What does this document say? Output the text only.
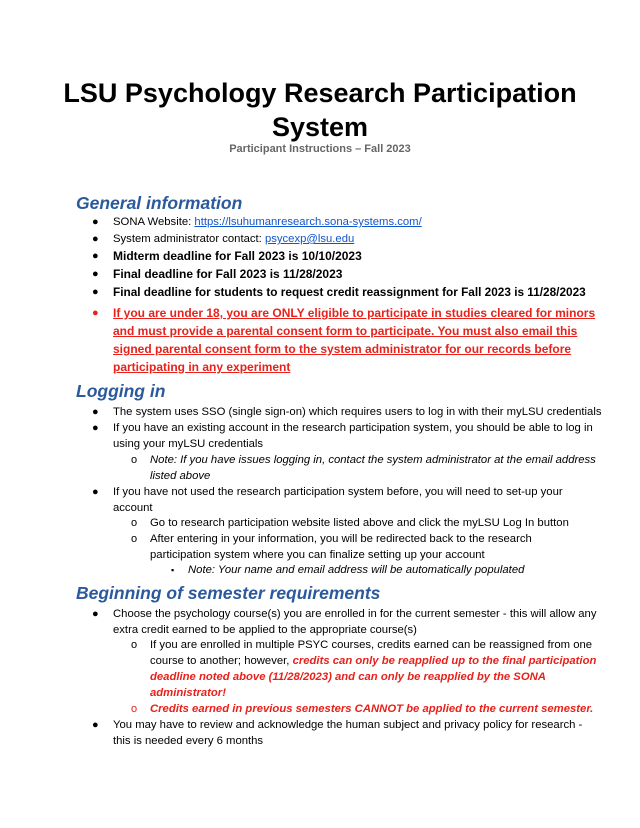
LSU Psychology Research Participation System
Participant Instructions – Fall 2023
General information
● SONA Website: https://lsuhumanresearch.sona-systems.com/
● System administrator contact: psycexp@lsu.edu
● Midterm deadline for Fall 2023 is 10/10/2023
● Final deadline for Fall 2023 is 11/28/2023
● Final deadline for students to request credit reassignment for Fall 2023 is 11/28/2023
● If you are under 18, you are ONLY eligible to participate in studies cleared for minors
and must provide a parental consent form to participate. You must also email this
signed parental consent form to the system administrator for our records before
participating in any experiment
Logging in
● The system uses SSO (single sign-on) which requires users to log in with their myLSU credentials
● If you have an existing account in the research participation system, you should be able to log in
using your myLSU credentials
o Note: If you have issues logging in, contact the system administrator at the email address
listed above
● If you have not used the research participation system before, you will need to set-up your
account
o Go to research participation website listed above and click the myLSU Log In button
o After entering in your information, you will be redirected back to the research
participation system where you can finalize setting up your account
▪ Note: Your name and email address will be automatically populated
Beginning of semester requirements
● Choose the psychology course(s) you are enrolled in for the current semester - this will allow any
extra credit earned to be applied to the appropriate course(s)
o If you are enrolled in multiple PSYC courses, credits earned can be reassigned from one
course to another; however, credits can only be reapplied up to the final participation
deadline noted above (11/28/2023) and can only be reapplied by the SONA
administrator!
o Credits earned in previous semesters CANNOT be applied to the current semester.
● You may have to review and acknowledge the human subject and privacy policy for research -
this is needed every 6 months
